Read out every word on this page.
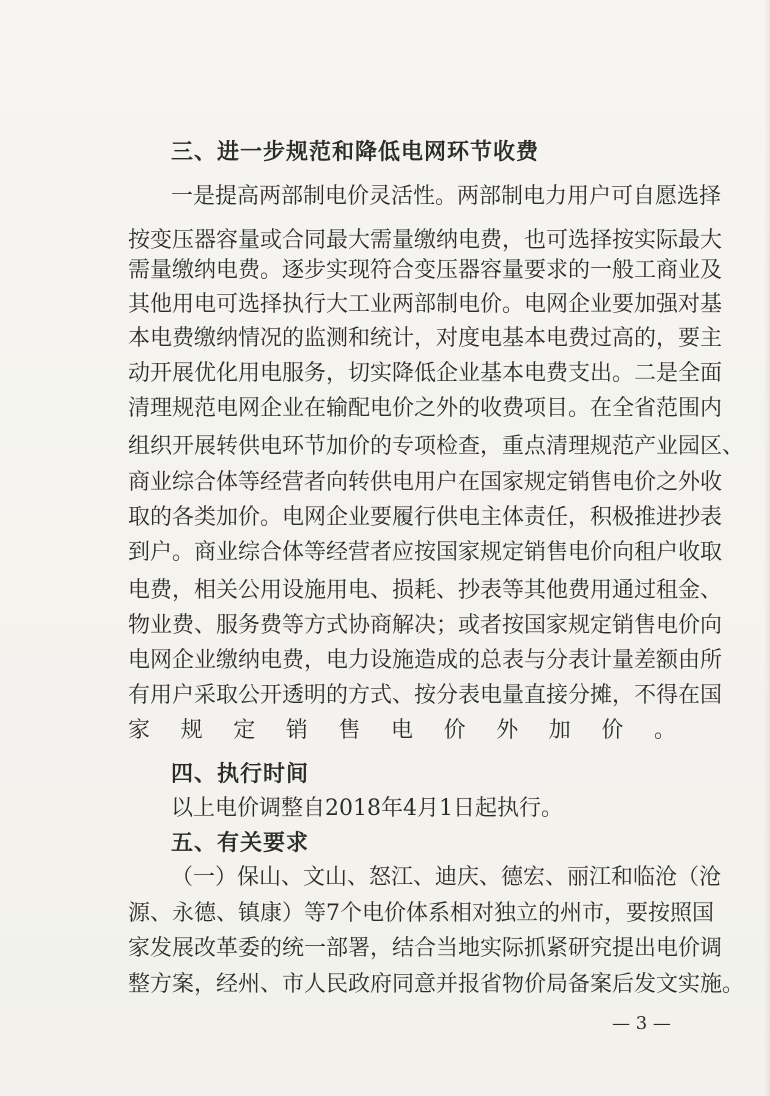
三、进一步规范和降低电网环节收费

一是提高两部制电价灵活性。两部制电力用户可自愿选择

按变压器容量或合同最大需量缴纳电费，也可选择按实际最大

需量缴纳电费。逐步实现符合变压器容量要求的一般工商业及

其他用电可选择执行大工业两部制电价。电网企业要加强对基

本电费缴纳情况的监测和统计，对度电基本电费过高的，要主

动开展优化用电服务，切实降低企业基本电费支出。二是全面

清理规范电网企业在输配电价之外的收费项目。在全省范围内

组织开展转供电环节加价的专项检查，重点清理规范产业园区、

商业综合体等经营者向转供电用户在国家规定销售电价之外收

取的各类加价。电网企业要履行供电主体责任，积极推进抄表

到户。商业综合体等经营者应按国家规定销售电价向租户收取

电费，相关公用设施用电、损耗、抄表等其他费用通过租金、

物业费、服务费等方式协商解决；或者按国家规定销售电价向

电网企业缴纳电费，电力设施造成的总表与分表计量差额由所

有用户采取公开透明的方式、按分表电量直接分摊，不得在国

家规定销售电价外加价。

四、执行时间

以上电价调整自2018年4月1日起执行。

五、有关要求

（一）保山、文山、怒江、迪庆、德宏、丽江和临沧（沧

源、永德、镇康）等7个电价体系相对独立的州市，要按照国

家发展改革委的统一部署，结合当地实际抓紧研究提出电价调

整方案，经州、市人民政府同意并报省物价局备案后发文实施。

— 3 —
